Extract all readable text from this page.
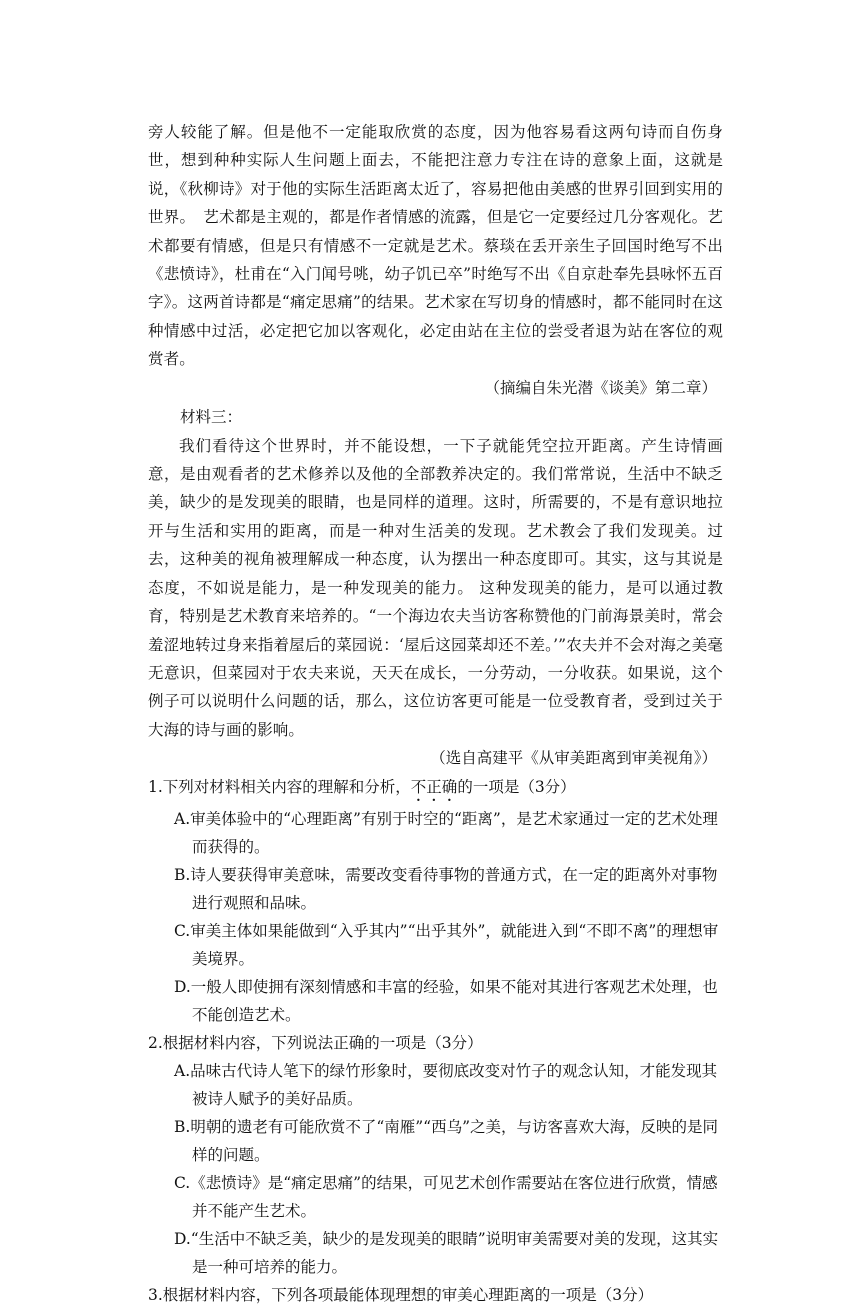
旁人较能了解。但是他不一定能取欣赏的态度，因为他容易看这两句诗而自伤身世，想到种种实际人生问题上面去，不能把注意力专注在诗的意象上面，这就是说，《秋柳诗》对于他的实际生活距离太近了，容易把他由美感的世界引回到实用的世界。　艺术都是主观的，都是作者情感的流露，但是它一定要经过几分客观化。艺术都要有情感，但是只有情感不一定就是艺术。蔡琰在丢开亲生子回国时绝写不出《悲愤诗》，杜甫在“入门闻号咷，幼子饥已卒”时绝写不出《自京赴奉先县咏怀五百字》。这两首诗都是“痛定思痛”的结果。艺术家在写切身的情感时，都不能同时在这种情感中过活，必定把它加以客观化，必定由站在主位的尝受者退为站在客位的观赏者。

（摘编自朱光潜《谈美》第二章）

材料三：

我们看待这个世界时，并不能设想，一下子就能凭空拉开距离。产生诗情画意，是由观看者的艺术修养以及他的全部教养决定的。我们常常说，生活中不缺乏美，缺少的是发现美的眼睛，也是同样的道理。这时，所需要的，不是有意识地拉开与生活和实用的距离，而是一种对生活美的发现。艺术教会了我们发现美。过去，这种美的视角被理解成一种态度，认为摆出一种态度即可。其实，这与其说是态度，不如说是能力，是一种发现美的能力。 这种发现美的能力，是可以通过教育，特别是艺术教育来培养的。“一个海边农夫当访客称赞他的门前海景美时，常会羞涩地转过身来指着屋后的菜园说：‘屋后这园菜却还不差。’”农夫并不会对海之美毫无意识，但菜园对于农夫来说，天天在成长，一分劳动，一分收获。如果说，这个例子可以说明什么问题的话，那么，这位访客更可能是一位受教育者，受到过关于大海的诗与画的影响。

（选自高建平《从审美距离到审美视角》）

1.下列对材料相关内容的理解和分析，不正确的一项是（3分）

A.审美体验中的“心理距离”有别于时空的“距离”，是艺术家通过一定的艺术处理而获得的。

B.诗人要获得审美意味，需要改变看待事物的普通方式，在一定的距离外对事物进行观照和品味。

C.审美主体如果能做到“入乎其内”“出乎其外”，就能进入到“不即不离”的理想审美境界。

D.一般人即使拥有深刻情感和丰富的经验，如果不能对其进行客观艺术处理，也不能创造艺术。

2.根据材料内容，下列说法正确的一项是（3分）

A.品味古代诗人笔下的绿竹形象时，要彻底改变对竹子的观念认知，才能发现其被诗人赋予的美好品质。

B.明朝的遗老有可能欣赏不了“南雁”“西乌”之美，与访客喜欢大海，反映的是同样的问题。

C.《悲愤诗》是“痛定思痛”的结果，可见艺术创作需要站在客位进行欣赏，情感并不能产生艺术。

D.“生活中不缺乏美，缺少的是发现美的眼睛”说明审美需要对美的发现，这其实是一种可培养的能力。

3.根据材料内容，下列各项最能体现理想的审美心理距离的一项是（3分）
